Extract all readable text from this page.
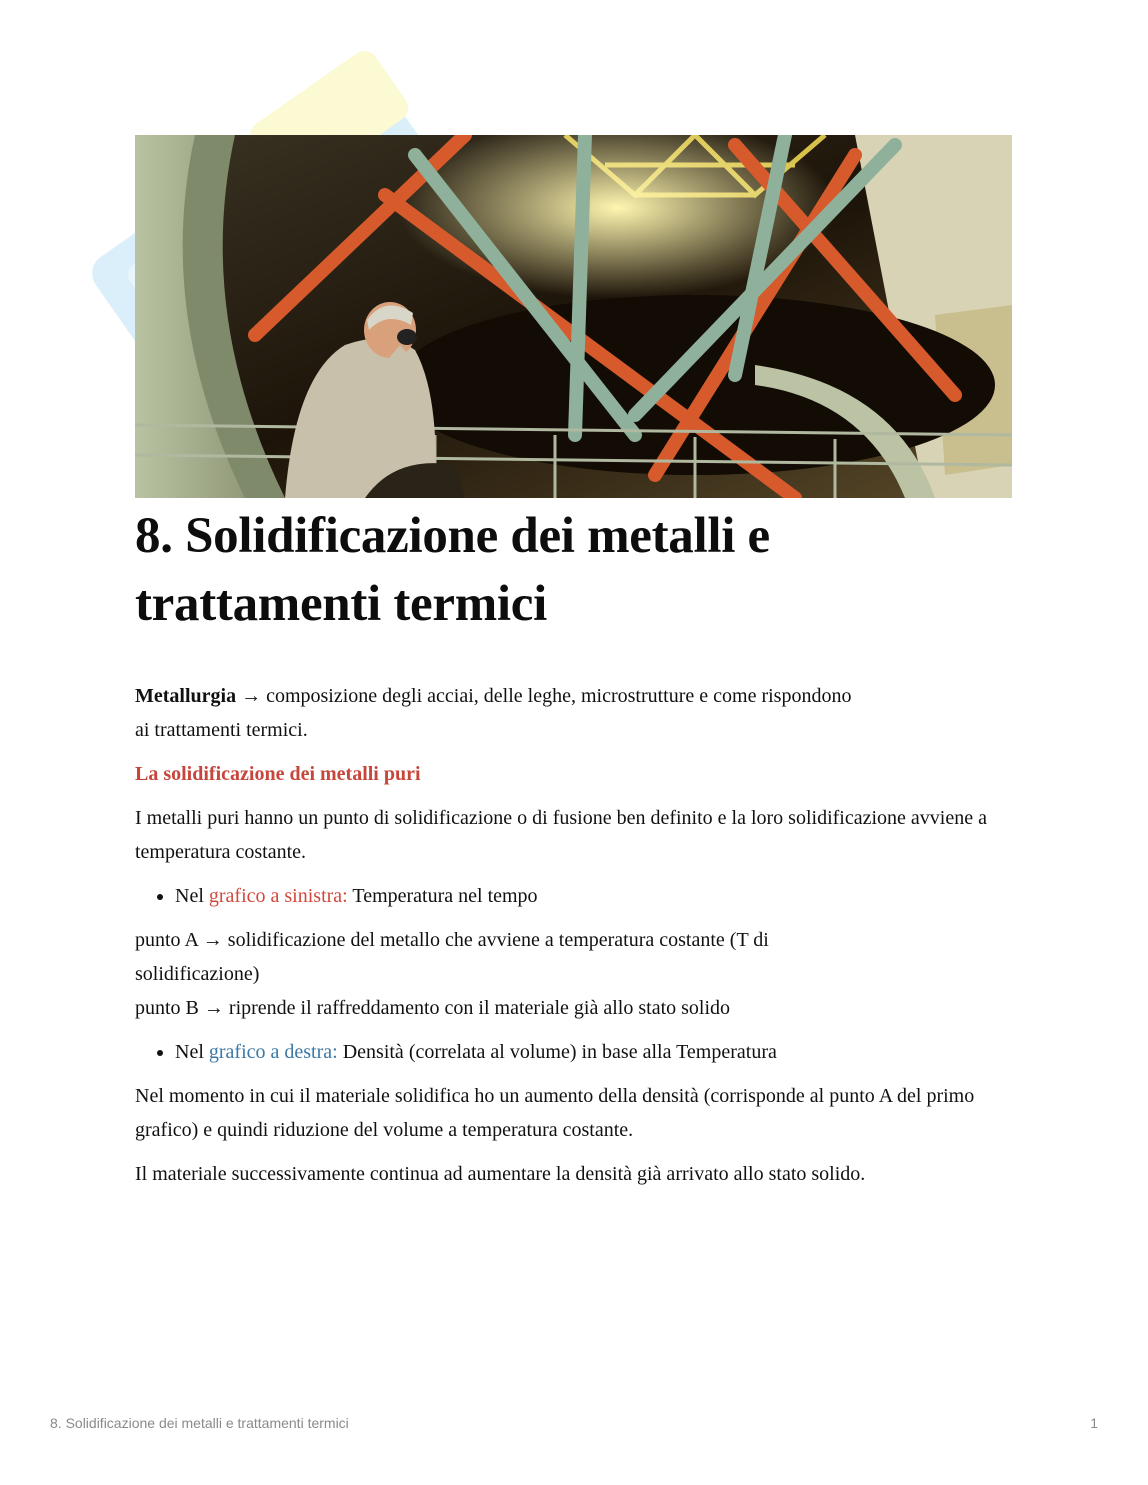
8. Solidificazione dei metalli e trattamenti termici

Metallurgia → composizione degli acciai, delle leghe, microstrutture e come rispondono ai trattamenti termici.

La solidificazione dei metalli puri

I metalli puri hanno un punto di solidificazione o di fusione ben definito e la loro solidificazione avviene a temperatura costante.

• Nel grafico a sinistra: Temperatura nel tempo

punto A → solidificazione del metallo che avviene a temperatura costante (T di solidificazione)

punto B → riprende il raffreddamento con il materiale già allo stato solido

• Nel grafico a destra: Densità (correlata al volume) in base alla Temperatura

Nel momento in cui il materiale solidifica ho un aumento della densità (corrisponde al punto A del primo grafico) e quindi riduzione del volume a temperatura costante.

Il materiale successivamente continua ad aumentare la densità già arrivato allo stato solido.

8. Solidificazione dei metalli e trattamenti termici	1
